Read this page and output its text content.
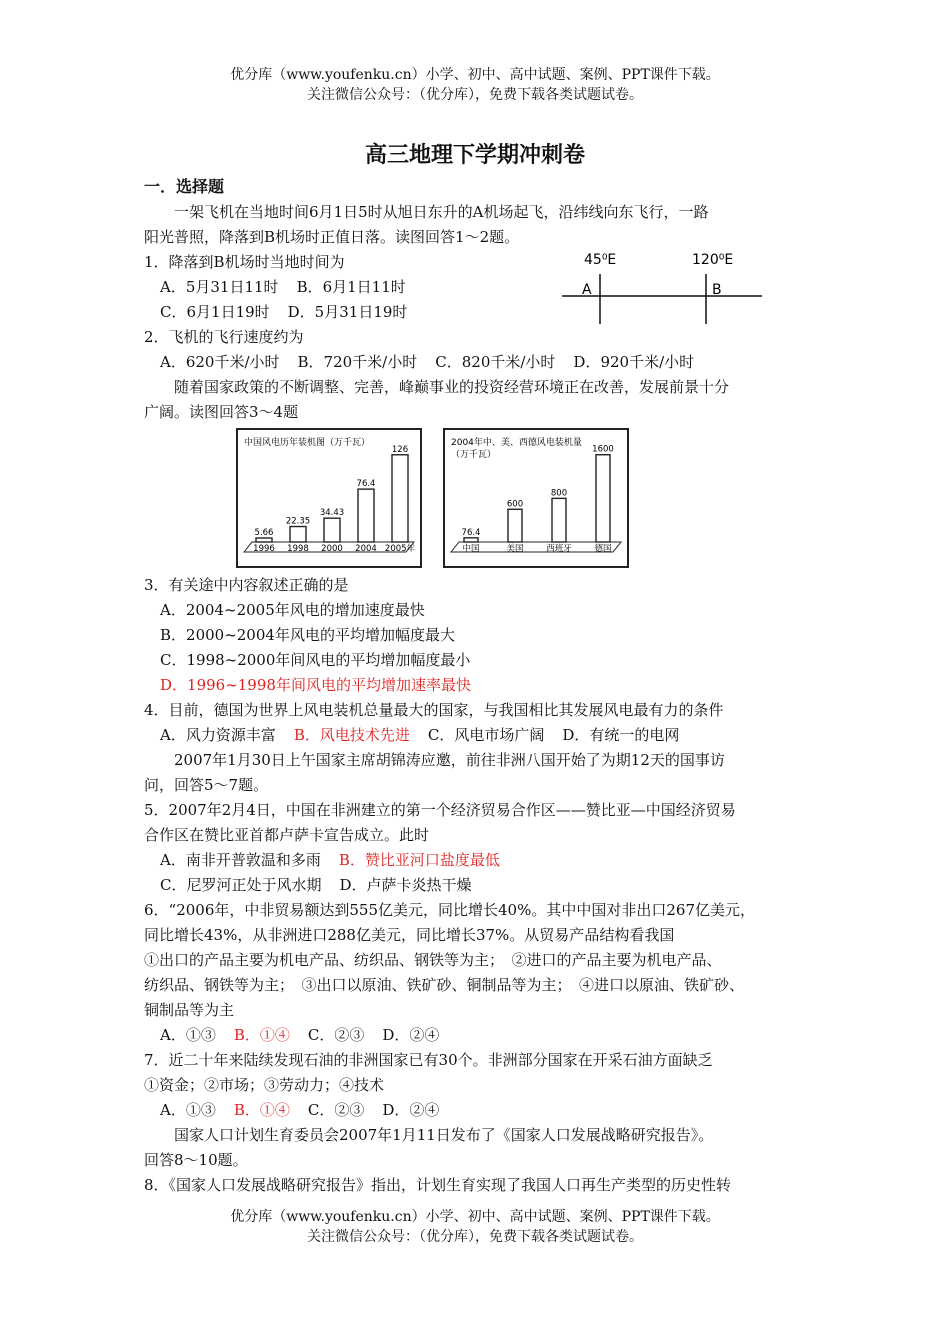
优分库（www.youfenku.cn）小学、初中、高中试题、案例、PPT课件下载。
关注微信公众号：（优分库），免费下载各类试题试卷。
高三地理下学期冲刺卷
一．选择题
　　一架飞机在当地时间6月1日5时从旭日东升的A机场起飞，沿纬线向东飞行，一路
阳光普照，降落到B机场时正值日落。读图回答1～2题。
45⁰E	120⁰E
A	B
1．降落到B机场时当地时间为
A．5月31日11时 B．6月1日11时
C．6月1日19时 D．5月31日19时
2．飞机的飞行速度约为
A．620千米/小时 B．720千米/小时 C．820千米/小时 D．920千米/小时
　　随着国家政策的不断调整、完善，峰巅事业的投资经营环境正在改善，发展前景十分
广阔。读图回答3～4题
中国风电历年装机图（万千瓦）
5.66
1996
22.35
1998
34.43
2000
76.4
2004
126
2005年
2004年中、美、西德风电装机量
（万千瓦）
76.4
中国
600
美国
800
西班牙
1600
德国
3．有关途中内容叙述正确的是
A．2004~2005年风电的增加速度最快
B．2000~2004年风电的平均增加幅度最大
C．1998~2000年间风电的平均增加幅度最小
D．1996~1998年间风电的平均增加速率最快
4．目前，德国为世界上风电装机总量最大的国家，与我国相比其发展风电最有力的条件
A．风力资源丰富 B．风电技术先进 C．风电市场广阔 D．有统一的电网
　　2007年1月30日上午国家主席胡锦涛应邀，前往非洲八国开始了为期12天的国事访
问，回答5～7题。
5．2007年2月4日，中国在非洲建立的第一个经济贸易合作区——赞比亚—中国经济贸易
合作区在赞比亚首都卢萨卡宣告成立。此时
A．南非开普敦温和多雨 B．赞比亚河口盐度最低
C．尼罗河正处于风水期 D．卢萨卡炎热干燥
6．“2006年，中非贸易额达到555亿美元，同比增长40%。其中中国对非出口267亿美元，
同比增长43%，从非洲进口288亿美元，同比增长37%。从贸易产品结构看我国
①出口的产品主要为机电产品、纺织品、钢铁等为主；　②进口的产品主要为机电产品、
纺织品、钢铁等为主；　③出口以原油、铁矿砂、铜制品等为主；　④进口以原油、铁矿砂、
铜制品等为主
A．①③ B．①④ C．②③ D．②④
7．近二十年来陆续发现石油的非洲国家已有30个。非洲部分国家在开采石油方面缺乏
①资金；②市场；③劳动力；④技术
A．①③ B．①④ C．②③ D．②④
　　国家人口计划生育委员会2007年1月11日发布了《国家人口发展战略研究报告》。
回答8～10题。
8．《国家人口发展战略研究报告》指出，计划生育实现了我国人口再生产类型的历史性转
优分库（www.youfenku.cn）小学、初中、高中试题、案例、PPT课件下载。
关注微信公众号：（优分库），免费下载各类试题试卷。
